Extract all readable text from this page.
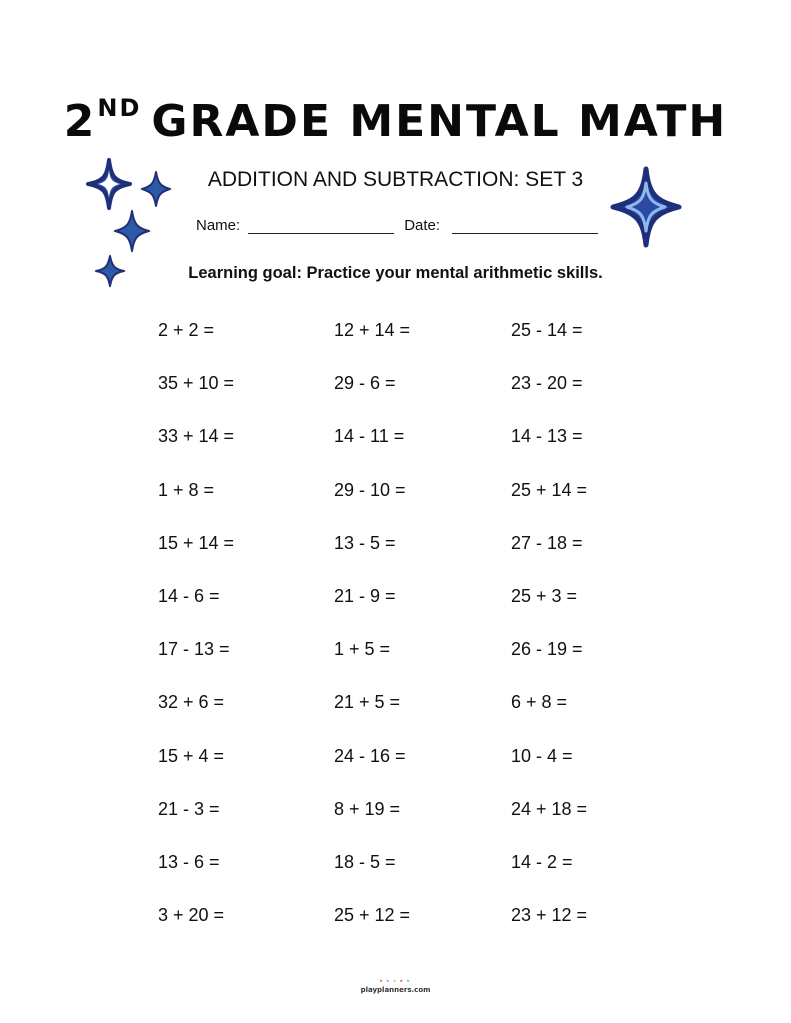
2ND GRADE MENTAL MATH
ADDITION AND SUBTRACTION: SET 3
Name:	Date:
Learning goal: Practice your mental arithmetic skills.
2 + 2 =	12 + 14 =	25 - 14 =
35 + 10 =	29 - 6 =	23 - 20 =
33 + 14 =	14 - 11 =	14 - 13 =
1 + 8 =	29 - 10 =	25 + 14 =
15 + 14 =	13 - 5 =	27 - 18 =
14 - 6 =	21 - 9 =	25 + 3 =
17 - 13 =	1 + 5 =	26 - 19 =
32 + 6 =	21 + 5 =	6 + 8 =
15 + 4 =	24 - 16 =	10 - 4 =
21 - 3 =	8 + 19 =	24 + 18 =
13 - 6 =	18 - 5 =	14 - 2 =
3 + 20 =	25 + 12 =	23 + 12 =
•••••
playplanners.com
